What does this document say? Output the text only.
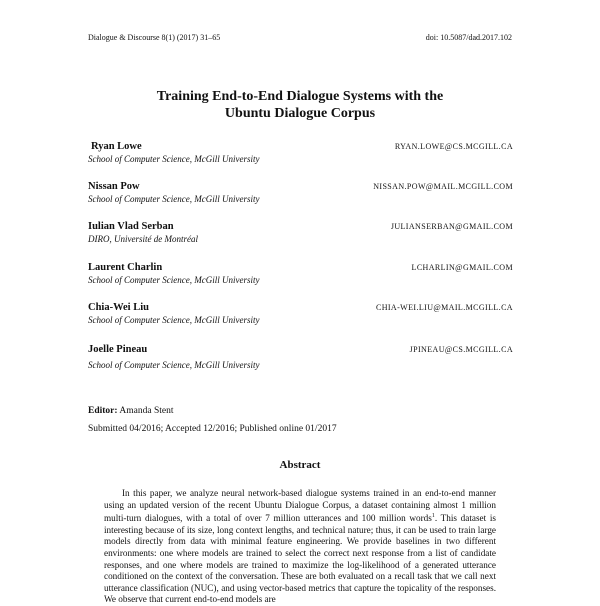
Dialogue & Discourse 8(1) (2017) 31–65	doi: 10.5087/dad.2017.102
Training End-to-End Dialogue Systems with the
Ubuntu Dialogue Corpus
Ryan Lowe
School of Computer Science, McGill University
RYAN.LOWE@CS.MCGILL.CA
Nissan Pow
School of Computer Science, McGill University
NISSAN.POW@MAIL.MCGILL.COM
Iulian Vlad Serban
DIRO, Université de Montréal
JULIANSERBAN@GMAIL.COM
Laurent Charlin
School of Computer Science, McGill University
LCHARLIN@GMAIL.COM
Chia-Wei Liu
School of Computer Science, McGill University
CHIA-WEI.LIU@MAIL.MCGILL.CA
Joelle Pineau
School of Computer Science, McGill University
JPINEAU@CS.MCGILL.CA
Editor: Amanda Stent
Submitted 04/2016; Accepted 12/2016; Published online 01/2017
Abstract
In this paper, we analyze neural network-based dialogue systems trained in an end-to-end manner using an updated version of the recent Ubuntu Dialogue Corpus, a dataset containing almost 1 million multi-turn dialogues, with a total of over 7 million utterances and 100 million words$^1$. This dataset is interesting because of its size, long context lengths, and technical nature; thus, it can be used to train large models directly from data with minimal feature engineering. We provide baselines in two different environments: one where models are trained to select the correct next response from a list of candidate responses, and one where models are trained to maximize the log-likelihood of a generated utterance conditioned on the context of the conversation. These are both evaluated on a recall task that we call next utterance classification (NUC), and using vector-based metrics that capture the topicality of the responses. We observe that current end-to-end models are
